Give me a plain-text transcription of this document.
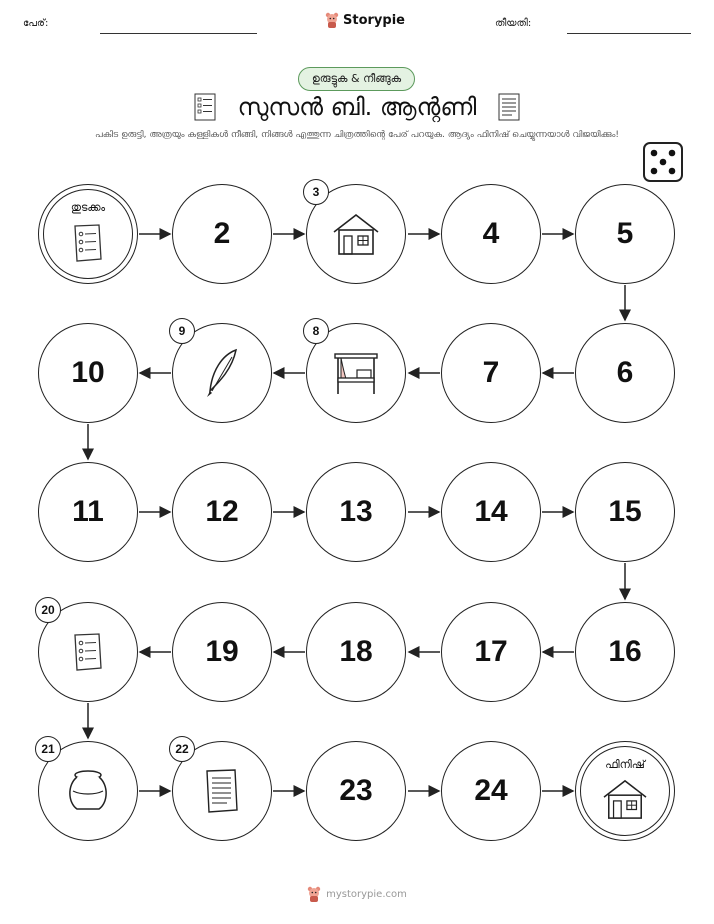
പേര്:	Storypie	തീയതി:
ഉരുട്ടുക & നീങ്ങുക
സുസൻ ബി. ആന്റണി
പകിട ഉരുട്ടി, അത്രയും കള്ളികൾ നീങ്ങി, നിങ്ങൾ എത്തുന്ന ചിത്രത്തിന്റെ പേര് പറയുക. ആദ്യം ഫിനിഷ് ചെയ്യുന്നയാൾ വിജയിക്കും!
തുടക്കം
2
3
4	5
10
9	8
7	6
11	12	13	14	15
20
19	18	17	16
21	22
23	24
ഫിനിഷ്
mystorypie.com
